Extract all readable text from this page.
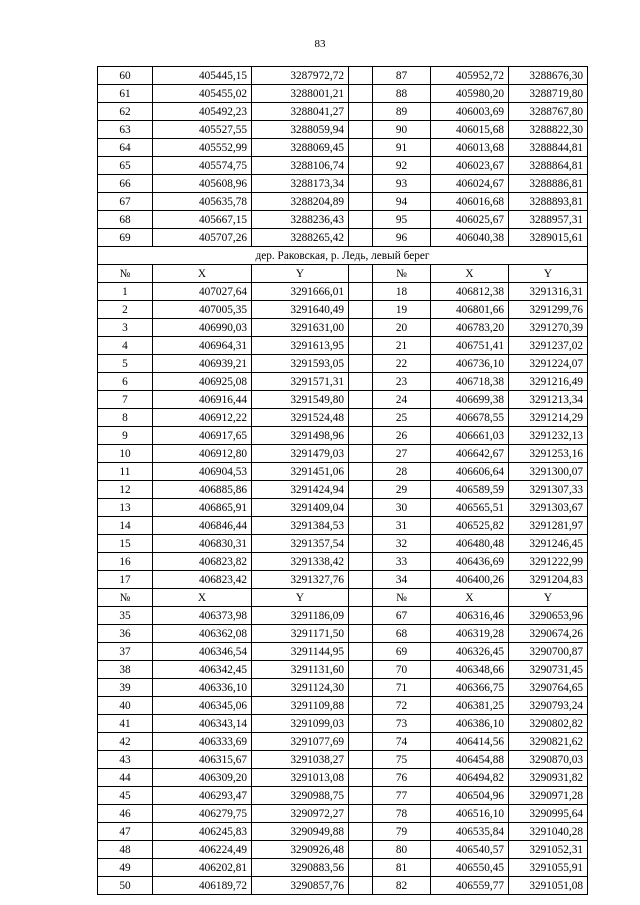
83
60	405445,15	3287972,72		87	405952,72	3288676,30
61	405455,02	3288001,21		88	405980,20	3288719,80
62	405492,23	3288041,27		89	406003,69	3288767,80
63	405527,55	3288059,94		90	406015,68	3288822,30
64	405552,99	3288069,45		91	406013,68	3288844,81
65	405574,75	3288106,74		92	406023,67	3288864,81
66	405608,96	3288173,34		93	406024,67	3288886,81
67	405635,78	3288204,89		94	406016,68	3288893,81
68	405667,15	3288236,43		95	406025,67	3288957,31
69	405707,26	3288265,42		96	406040,38	3289015,61
дер. Раковская, р. Ледь, левый берег						
№	X	Y		№	X	Y
1	407027,64	3291666,01		18	406812,38	3291316,31
2	407005,35	3291640,49		19	406801,66	3291299,76
3	406990,03	3291631,00		20	406783,20	3291270,39
4	406964,31	3291613,95		21	406751,41	3291237,02
5	406939,21	3291593,05		22	406736,10	3291224,07
6	406925,08	3291571,31		23	406718,38	3291216,49
7	406916,44	3291549,80		24	406699,38	3291213,34
8	406912,22	3291524,48		25	406678,55	3291214,29
9	406917,65	3291498,96		26	406661,03	3291232,13
10	406912,80	3291479,03		27	406642,67	3291253,16
11	406904,53	3291451,06		28	406606,64	3291300,07
12	406885,86	3291424,94		29	406589,59	3291307,33
13	406865,91	3291409,04		30	406565,51	3291303,67
14	406846,44	3291384,53		31	406525,82	3291281,97
15	406830,31	3291357,54		32	406480,48	3291246,45
16	406823,82	3291338,42		33	406436,69	3291222,99
17	406823,42	3291327,76		34	406400,26	3291204,83
№	X	Y		№	X	Y
35	406373,98	3291186,09		67	406316,46	3290653,96
36	406362,08	3291171,50		68	406319,28	3290674,26
37	406346,54	3291144,95		69	406326,45	3290700,87
38	406342,45	3291131,60		70	406348,66	3290731,45
39	406336,10	3291124,30		71	406366,75	3290764,65
40	406345,06	3291109,88		72	406381,25	3290793,24
41	406343,14	3291099,03		73	406386,10	3290802,82
42	406333,69	3291077,69		74	406414,56	3290821,62
43	406315,67	3291038,27		75	406454,88	3290870,03
44	406309,20	3291013,08		76	406494,82	3290931,82
45	406293,47	3290988,75		77	406504,96	3290971,28
46	406279,75	3290972,27		78	406516,10	3290995,64
47	406245,83	3290949,88		79	406535,84	3291040,28
48	406224,49	3290926,48		80	406540,57	3291052,31
49	406202,81	3290883,56		81	406550,45	3291055,91
50	406189,72	3290857,76		82	406559,77	3291051,08
